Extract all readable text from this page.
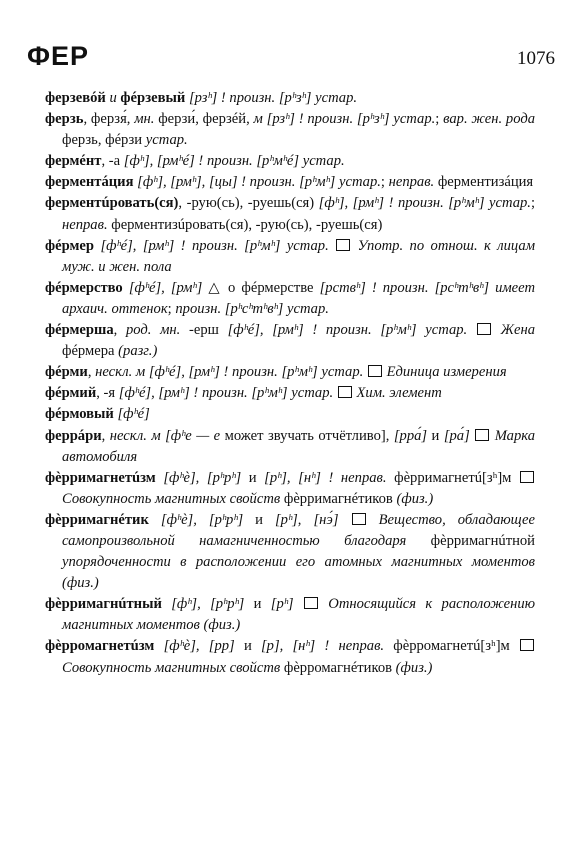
ФЕР	1076
ферзевóй и фéрзевый [рзʰ] ! произн. [рʰзʰ] устар.
ферзь, ферзя́, мн. ферзи́, ферзéй, м [рзʰ] ! произн. [рʰзʰ] устар.; вар. жен. рода ферзь, фéрзи устар.
фермéнт, -а [фʰ], [рмʰé] ! произн. [рʰмʰé] устар.
ферментáция [фʰ], [рмʰ], [цы] ! произн. [рʰмʰ] устар.; неправ. ферментизáция
ферментúровать(ся), -рую(сь), -руешь(ся) [фʰ], [рмʰ] ! произн. [рʰмʰ] устар.; неправ. ферментизúровать(ся), -рую(сь), -руешь(ся)
фéрмер [фʰé], [рмʰ] ! произн. [рʰмʰ] устар. Употр. по отнош. к лицам муж. и жен. пола
фéрмерство [фʰé], [рмʰ] △ о фéрмерстве [рствʰ] ! произн. [рсʰтʰвʰ] имеет архаич. оттенок; произн. [рʰсʰтʰвʰ] устар.
фéрмерша, род. мн. -ерш [фʰé], [рмʰ] ! произн. [рʰмʰ] устар. Жена фéрмера (разг.)
фéрми, нескл. м [фʰé], [рмʰ] ! произн. [рʰмʰ] устар. Единица измерения
фéрмий, -я [фʰé], [рмʰ] ! произн. [рʰмʰ] устар. Хим. элемент
фéрмовый [фʰé]
феррáри, нескл. м [фʰе — е может звучать отчётливо], [рра́] и [ра́] Марка автомобиля
фѐрримагнетúзм [фʰѐ], [рʰрʰ] и [рʰ], [нʰ] ! неправ. фѐрримагнетú[зʰ]м  Совокупность магнитных свойств фѐрримагнéтиков (физ.)
фѐрримагнéтик [фʰѐ], [рʰрʰ] и [рʰ], [нэ́]	Вещество, обладающее самопроизвольной намагниченностью благодаря фѐрримагнúтной упорядоченности в расположении его атомных магнитных моментов (физ.)
фѐрримагнúтный [фʰ], [рʰрʰ] и [рʰ] Относящийся к расположению магнитных моментов (физ.)
фѐрромагнетúзм [фʰѐ], [рр] и [р], [нʰ] ! неправ. фѐрромагнетú[зʰ]м  Совокупность магнитных свойств фѐрромагнéтиков (физ.)
